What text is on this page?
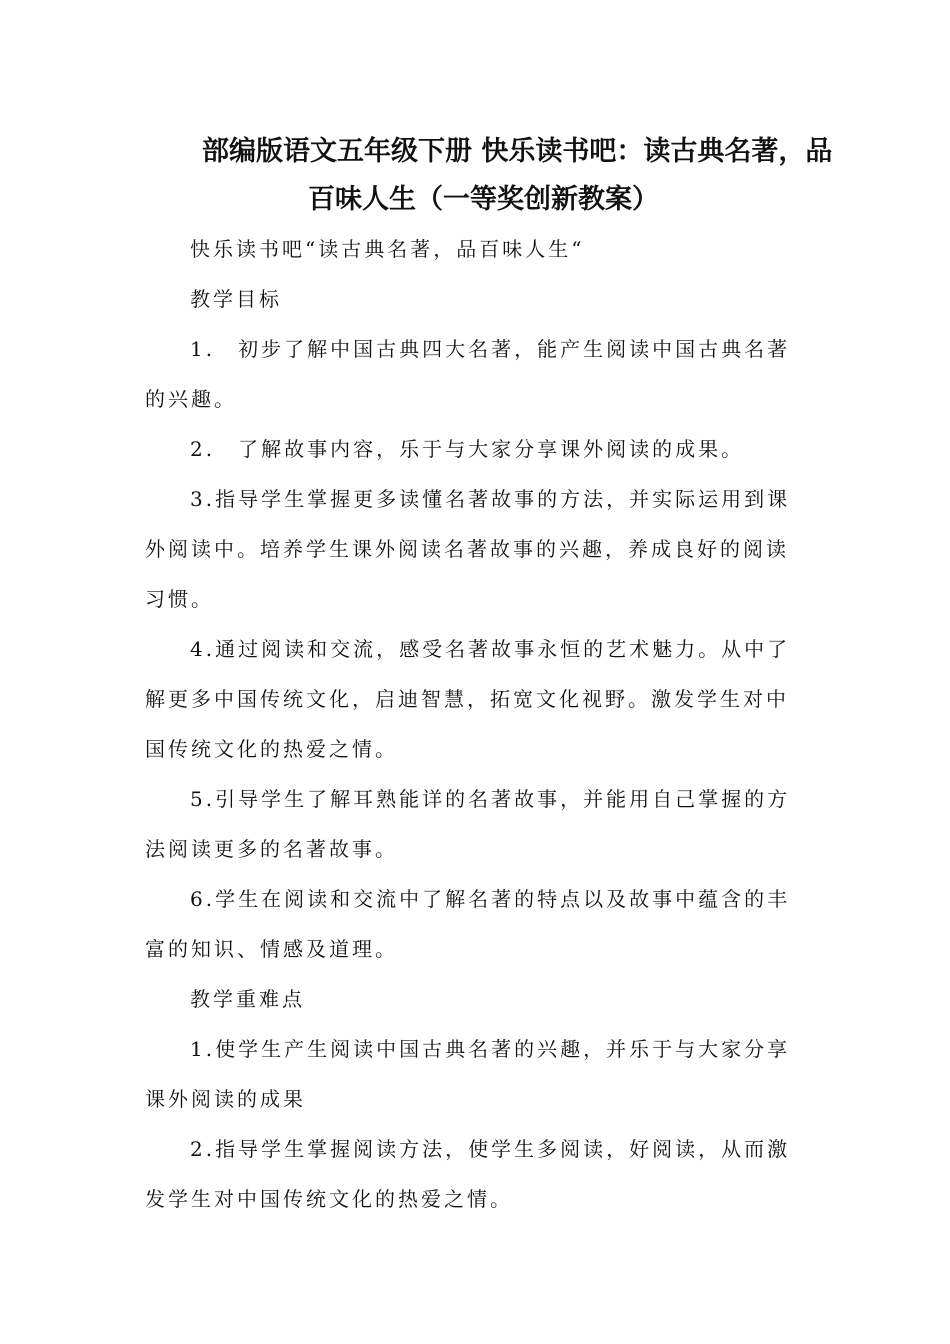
部编版语文五年级下册 快乐读书吧：读古典名著，品
百味人生（一等奖创新教案）

快乐读书吧“读古典名著，品百味人生“

教学目标

1.　初步了解中国古典四大名著，能产生阅读中国古典名著的兴趣。

2.　了解故事内容，乐于与大家分享课外阅读的成果。

3.指导学生掌握更多读懂名著故事的方法，并实际运用到课外阅读中。培养学生课外阅读名著故事的兴趣，养成良好的阅读习惯。

4.通过阅读和交流，感受名著故事永恒的艺术魅力。从中了解更多中国传统文化，启迪智慧，拓宽文化视野。激发学生对中国传统文化的热爱之情。

5.引导学生了解耳熟能详的名著故事，并能用自己掌握的方法阅读更多的名著故事。

6.学生在阅读和交流中了解名著的特点以及故事中蕴含的丰富的知识、情感及道理。

教学重难点

1.使学生产生阅读中国古典名著的兴趣，并乐于与大家分享课外阅读的成果

2.指导学生掌握阅读方法，使学生多阅读，好阅读，从而激发学生对中国传统文化的热爱之情。
